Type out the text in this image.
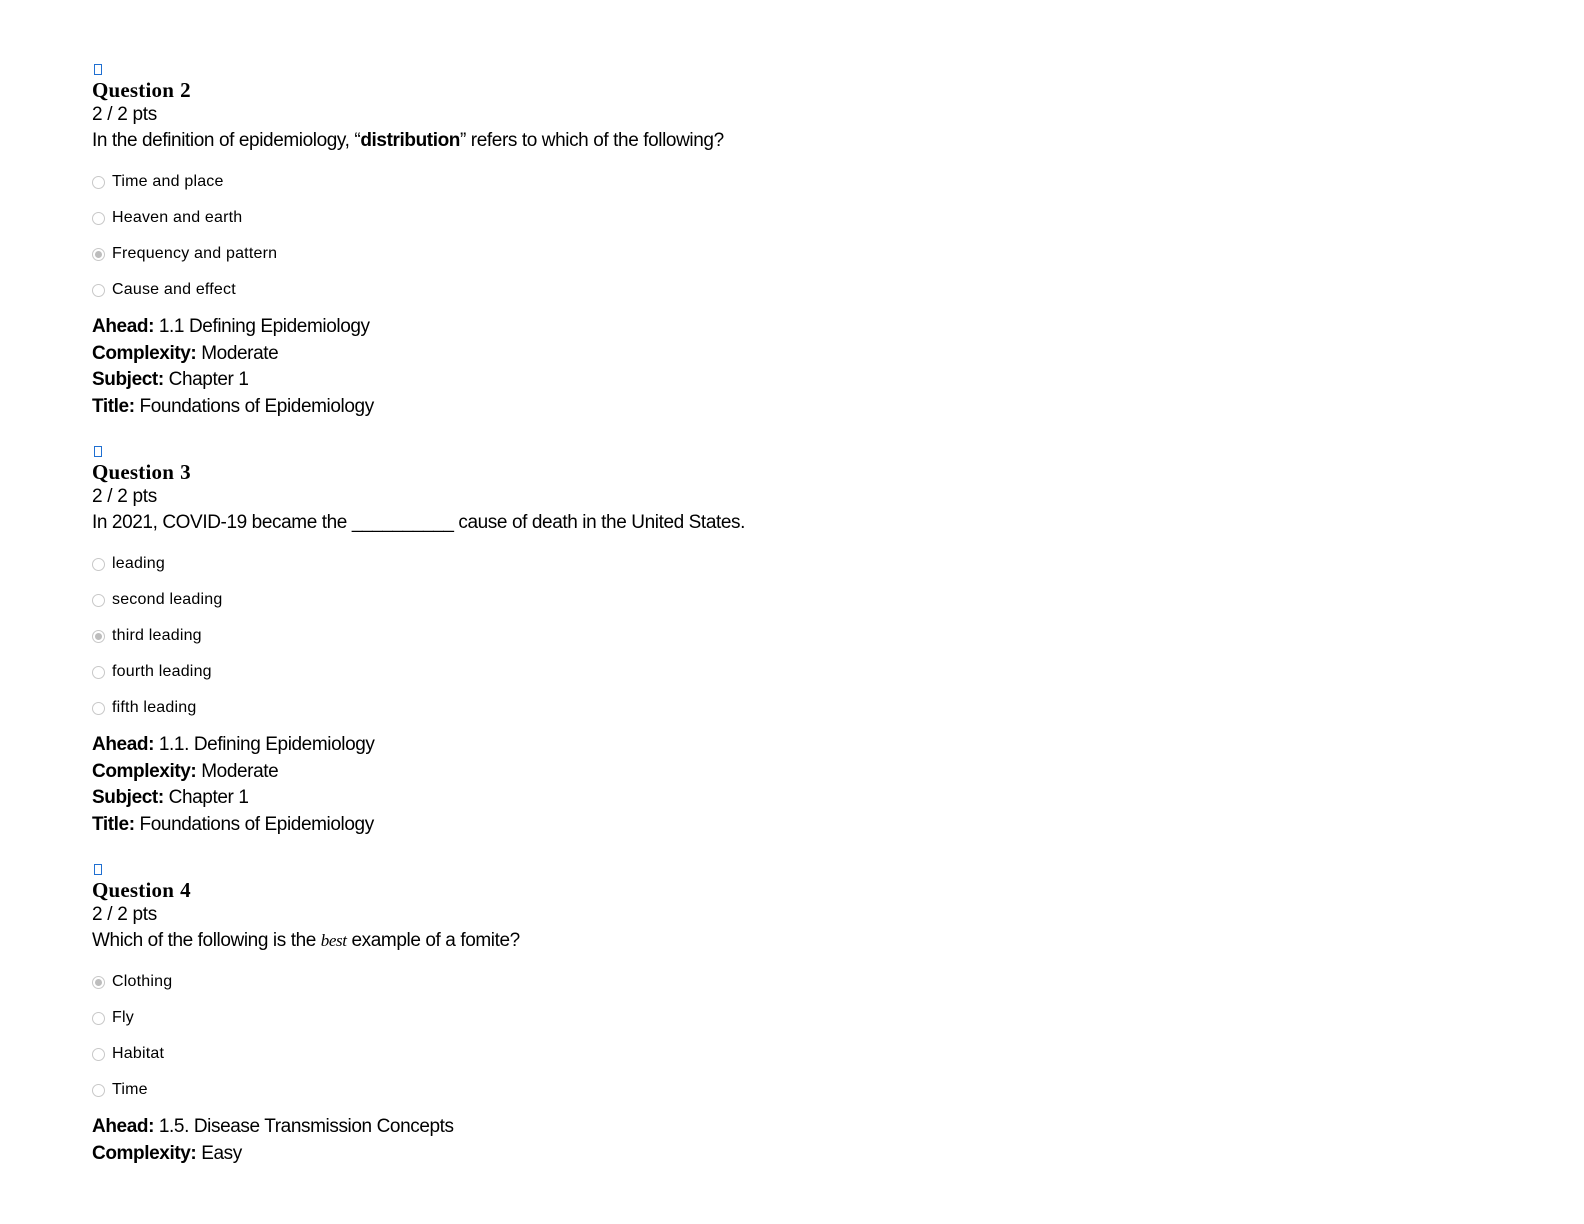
Question 2
2 / 2 pts
In the definition of epidemiology, “distribution” refers to which of the following?
Time and place
Heaven and earth
Frequency and pattern
Cause and effect
Ahead: 1.1 Defining Epidemiology
Complexity: Moderate
Subject: Chapter 1
Title: Foundations of Epidemiology
Question 3
2 / 2 pts
In 2021, COVID-19 became the __________ cause of death in the United States.
leading
second leading
third leading
fourth leading
fifth leading
Ahead: 1.1. Defining Epidemiology
Complexity: Moderate
Subject: Chapter 1
Title: Foundations of Epidemiology
Question 4
2 / 2 pts
Which of the following is the best example of a fomite?
Clothing
Fly
Habitat
Time
Ahead: 1.5. Disease Transmission Concepts
Complexity: Easy
